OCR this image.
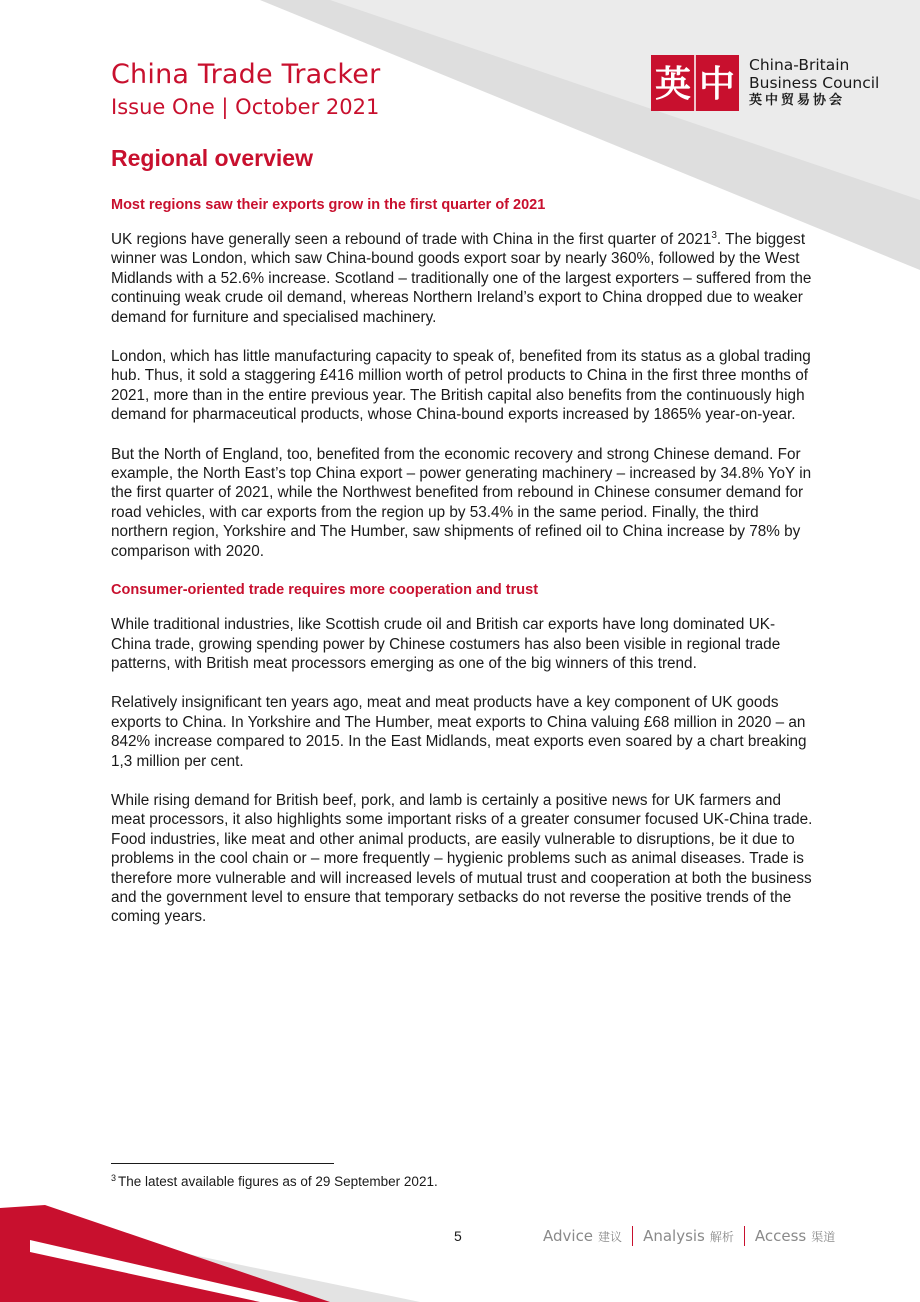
China Trade Tracker
Issue One | October 2021
英 中 China-Britain
Business Council
英中贸易协会
Regional overview
Most regions saw their exports grow in the first quarter of 2021

UK regions have generally seen a rebound of trade with China in the first quarter of 2021$^3$. The biggest winner was London, which saw China-bound goods export soar by nearly 360%, followed by the West Midlands with a 52.6% increase. Scotland – traditionally one of the largest exporters – suffered from the continuing weak crude oil demand, whereas Northern Ireland’s export to China dropped due to weaker demand for furniture and specialised machinery.

London, which has little manufacturing capacity to speak of, benefited from its status as a global trading hub. Thus, it sold a staggering £416 million worth of petrol products to China in the first three months of 2021, more than in the entire previous year. The British capital also benefits from the continuously high demand for pharmaceutical products, whose China-bound exports increased by 1865% year-on-year.

But the North of England, too, benefited from the economic recovery and strong Chinese demand. For example, the North East’s top China export – power generating machinery – increased by 34.8% YoY in the first quarter of 2021, while the Northwest benefited from rebound in Chinese consumer demand for road vehicles, with car exports from the region up by 53.4% in the same period. Finally, the third northern region, Yorkshire and The Humber, saw shipments of refined oil to China increase by 78% by comparison with 2020.

Consumer-oriented trade requires more cooperation and trust

While traditional industries, like Scottish crude oil and British car exports have long dominated UK-China trade, growing spending power by Chinese costumers has also been visible in regional trade patterns, with British meat processors emerging as one of the big winners of this trend.

Relatively insignificant ten years ago, meat and meat products have a key component of UK goods exports to China. In Yorkshire and The Humber, meat exports to China valuing £68 million in 2020 – an 842% increase compared to 2015. In the East Midlands, meat exports even soared by a chart breaking 1,3 million per cent.

While rising demand for British beef, pork, and lamb is certainly a positive news for UK farmers and meat processors, it also highlights some important risks of a greater consumer focused UK-China trade. Food industries, like meat and other animal products, are easily vulnerable to disruptions, be it due to problems in the cool chain or – more frequently – hygienic problems such as animal diseases. Trade is therefore more vulnerable and will increased levels of mutual trust and cooperation at both the business and the government level to ensure that temporary setbacks do not reverse the positive trends of the coming years.

$^3$ The latest available figures as of 29 September 2021.
5	Advice 建议 Analysis 解析 Access 渠道
